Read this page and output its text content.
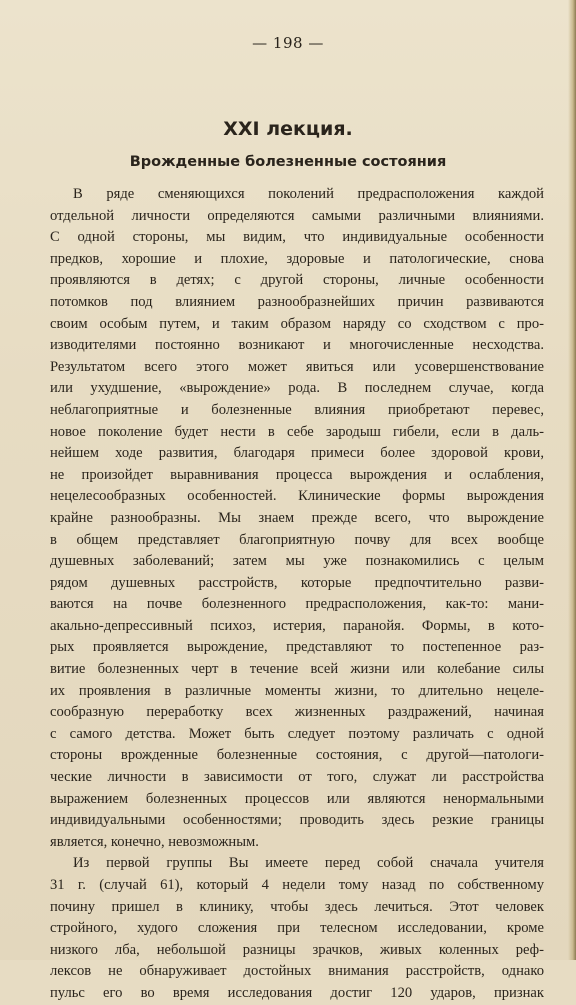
— 198 —
XXI лекция.
Врожденные болезненные состояния
В ряде сменяющихся поколений предрасположения каждой
отдельной личности определяются самыми различными влияниями.
С одной стороны, мы видим, что индивидуальные особенности
предков, хорошие и плохие, здоровые и патологические, снова
проявляются в детях; с другой стороны, личные особенности
потомков под влиянием разнообразнейших причин развиваются
своим особым путем, и таким образом наряду со сходством с про-
изводителями постоянно возникают и многочисленные несходства.
Результатом всего этого может явиться или усовершенствование
или ухудшение, «вырождение» рода. В последнем случае, когда
неблагоприятные и болезненные влияния приобретают перевес,
новое поколение будет нести в себе зародыш гибели, если в даль-
нейшем ходе развития, благодаря примеси более здоровой крови,
не произойдет выравнивания процесса вырождения и ослабления,
нецелесообразных особенностей. Клинические формы вырождения
крайне разнообразны. Мы знаем прежде всего, что вырождение
в общем представляет благоприятную почву для всех вообще
душевных заболеваний; затем мы уже познакомились с целым
рядом душевных расстройств, которые предпочтительно разви-
ваются на почве болезненного предрасположения, как-то: мани-
акально-депрессивный психоз, истерия, паранойя. Формы, в кото-
рых проявляется вырождение, представляют то постепенное раз-
витие болезненных черт в течение всей жизни или колебание силы
их проявления в различные моменты жизни, то длительно нецеле-
сообразную переработку всех жизненных раздражений, начиная
с самого детства. Может быть следует поэтому различать с одной
стороны врожденные болезненные состояния, с другой—патологи-
ческие личности в зависимости от того, служат ли расстройства
выражением болезненных процессов или являются ненормальными
индивидуальными особенностями; проводить здесь резкие границы
является, конечно, невозможным.
Из первой группы Вы имеете перед собой сначала учителя
31 г. (случай 61), который 4 недели тому назад по собственному
почину пришел в клинику, чтобы здесь лечиться. Этот человек
стройного, худого сложения при телесном исследовании, кроме
низкого лба, небольшой разницы зрачков, живых коленных реф-
лексов не обнаруживает достойных внимания расстройств, однако
пульс его во время исследования достиг 120 ударов, признак
